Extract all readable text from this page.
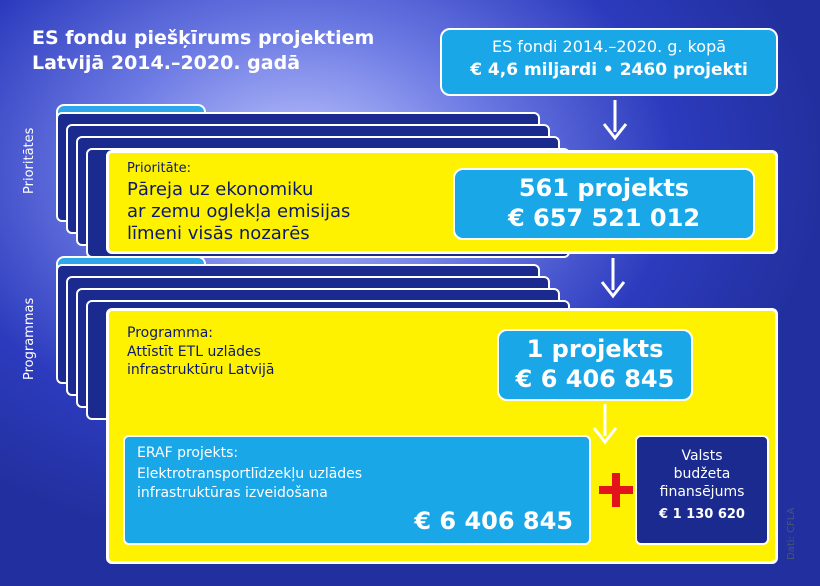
ES fondu piešķīrums projektiem
Latvijā 2014.–2020. gadā
ES fondi 2014.–2020. g. kopā
€ 4,6 miljardi • 2460 projekti
Prioritātes
Programmas
Prioritāte:
Pāreja uz ekonomiku
ar zemu oglekļa emisijas
līmeni visās nozarēs
561 projekts
€ 657 521 012
Programma:
Attīstīt ETL uzlādes
infrastruktūru Latvijā
1 projekts
€ 6 406 845
ERAF projekts:
Elektrotransportlīdzekļu uzlādes
infrastruktūras izveidošana
€ 6 406 845
Valsts
budžeta
finansējums
€ 1 130 620	Dati: CFLA
